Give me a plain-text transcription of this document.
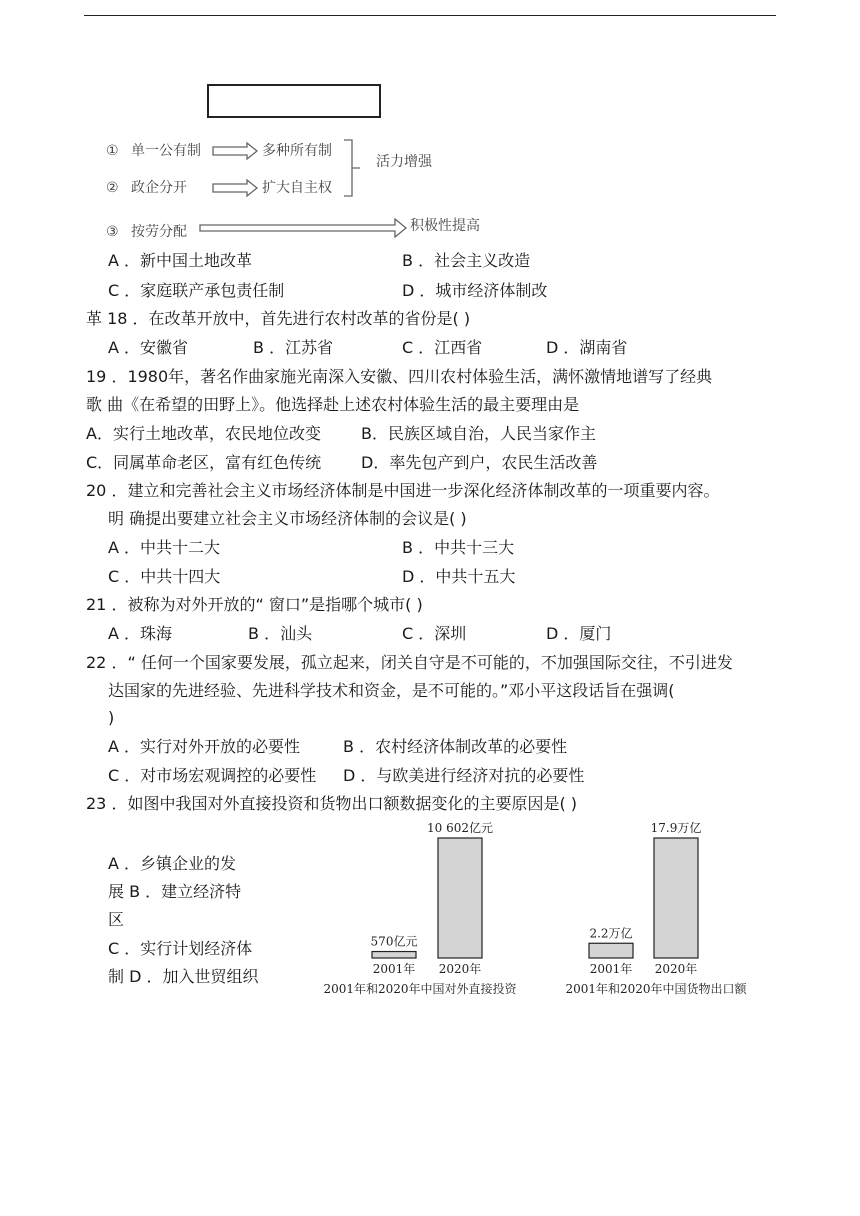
① 单一公有制	多种所有制
② 政企分开	扩大自主权
③ 按劳分配	积极性提高
活力增强
A ．新中国土地改革	B ．社会主义改造
C ．家庭联产承包责任制	D ．城市经济体制改
革 18 ．在改革开放中，首先进行农村改革的省份是( )
A ．安徽省	B ．江苏省	C ．江西省	D ．湖南省
19 ．1980年，著名作曲家施光南深入安徽、四川农村体验生活，满怀激情地谱写了经典
歌 曲《在希望的田野上》。他选择赴上述农村体验生活的最主要理由是
A．实行土地改革，农民地位改变	B．民族区域自治，人民当家作主
C．同属革命老区，富有红色传统 D．率先包产到户，农民生活改善
20 ．建立和完善社会主义市场经济体制是中国进一步深化经济体制改革的一项重要内容。
明 确提出要建立社会主义市场经济体制的会议是( )
A ．中共十二大	B ．中共十三大
C ．中共十四大	D ．中共十五大
21 ．被称为对外开放的“ 窗口”是指哪个城市( )
A ．珠海	B ．汕头	C ．深圳	D ．厦门
22 ．“ 任何一个国家要发展，孤立起来，闭关自守是不可能的，不加强国际交往，不引进发
达国家的先进经验、先进科学技术和资金，是不可能的。”邓小平这段话旨在强调(
)
A ．实行对外开放的必要性	B ．农村经济体制改革的必要性
C ．对市场宏观调控的必要性 D ．与欧美进行经济对抗的必要性
23 ．如图中我国对外直接投资和货物出口额数据变化的主要原因是( )
A ．乡镇企业的发
展 B ．建立经济特
区
C ．实行计划经济体
制 D ．加入世贸组织
570亿元
2001年
10 602亿元
2020年
2001年和2020年中国对外直接投资
2.2万亿
2001年
17.9万亿
2020年
2001年和2020年中国货物出口额
